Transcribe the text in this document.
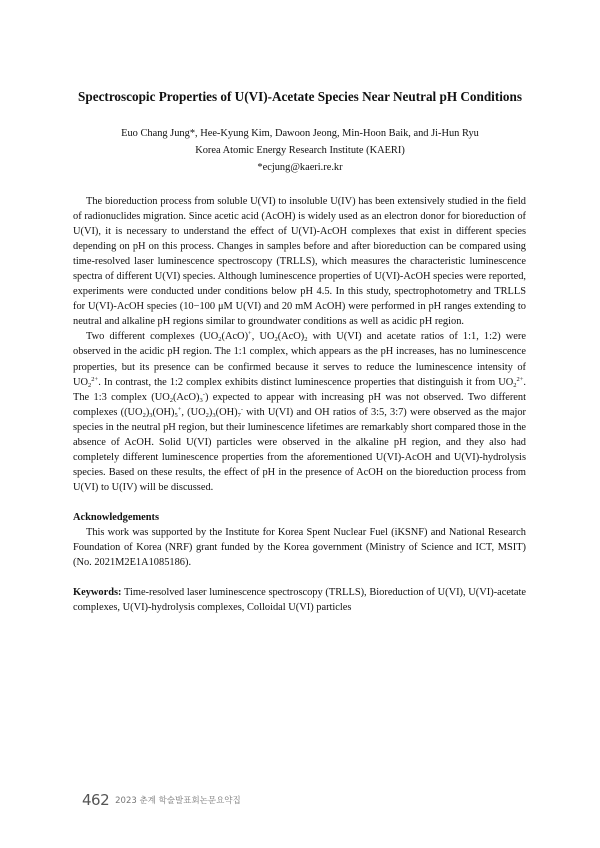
Spectroscopic Properties of U(VI)-Acetate Species Near Neutral pH Conditions

Euo Chang Jung*, Hee-Kyung Kim, Dawoon Jeong, Min-Hoon Baik, and Ji-Hun Ryu

Korea Atomic Energy Research Institute (KAERI)

*ecjung@kaeri.re.kr

The bioreduction process from soluble U(VI) to insoluble U(IV) has been extensively studied in the field of radionuclides migration. Since acetic acid (AcOH) is widely used as an electron donor for bioreduction of U(VI), it is necessary to understand the effect of U(VI)-AcOH complexes that exist in different species depending on pH on this process. Changes in samples before and after bioreduction can be compared using time-resolved laser luminescence spectroscopy (TRLLS), which measures the characteristic luminescence spectra of different U(VI) species. Although luminescence properties of U(VI)-AcOH species were reported, experiments were conducted under conditions below pH 4.5. In this study, spectrophotometry and TRLLS for U(VI)-AcOH species (10−100 μM U(VI) and 20 mM AcOH) were performed in pH ranges extending to neutral and alkaline pH regions similar to groundwater conditions as well as acidic pH region.

Two different complexes ($UO_2(AcO)^+$, $UO_2(AcO)_2$ with U(VI) and acetate ratios of 1:1, 1:2) were observed in the acidic pH region. The 1:1 complex, which appears as the pH increases, has no luminescence properties, but its presence can be confirmed because it serves to reduce the luminescence intensity of $UO_2^{2+}$. In contrast, the 1:2 complex exhibits distinct luminescence properties that distinguish it from $UO_2^{2+}$. The 1:3 complex $(UO_2(AcO)_3^-)$ expected to appear with increasing pH was not observed. Two different complexes ($(UO_2)_3(OH)_5^+$, $(UO_2)_3(OH)_7^-$ with U(VI) and OH ratios of 3:5, 3:7) were observed as the major species in the neutral pH region, but their luminescence lifetimes are remarkably short compared those in the absence of AcOH. Solid U(VI) particles were observed in the alkaline pH region, and they also had completely different luminescence properties from the aforementioned U(VI)-AcOH and U(VI)-hydrolysis species. Based on these results, the effect of pH in the presence of AcOH on the bioreduction process from U(VI) to U(IV) will be discussed.

Acknowledgements

This work was supported by the Institute for Korea Spent Nuclear Fuel (iKSNF) and National Research Foundation of Korea (NRF) grant funded by the Korea government (Ministry of Science and ICT, MSIT) (No. 2021M2E1A1085186).

Keywords: Time-resolved laser luminescence spectroscopy (TRLLS), Bioreduction of U(VI), U(VI)-acetate complexes, U(VI)-hydrolysis complexes, Colloidal U(VI) particles

462 2023 춘계 학술발표회논문요약집
